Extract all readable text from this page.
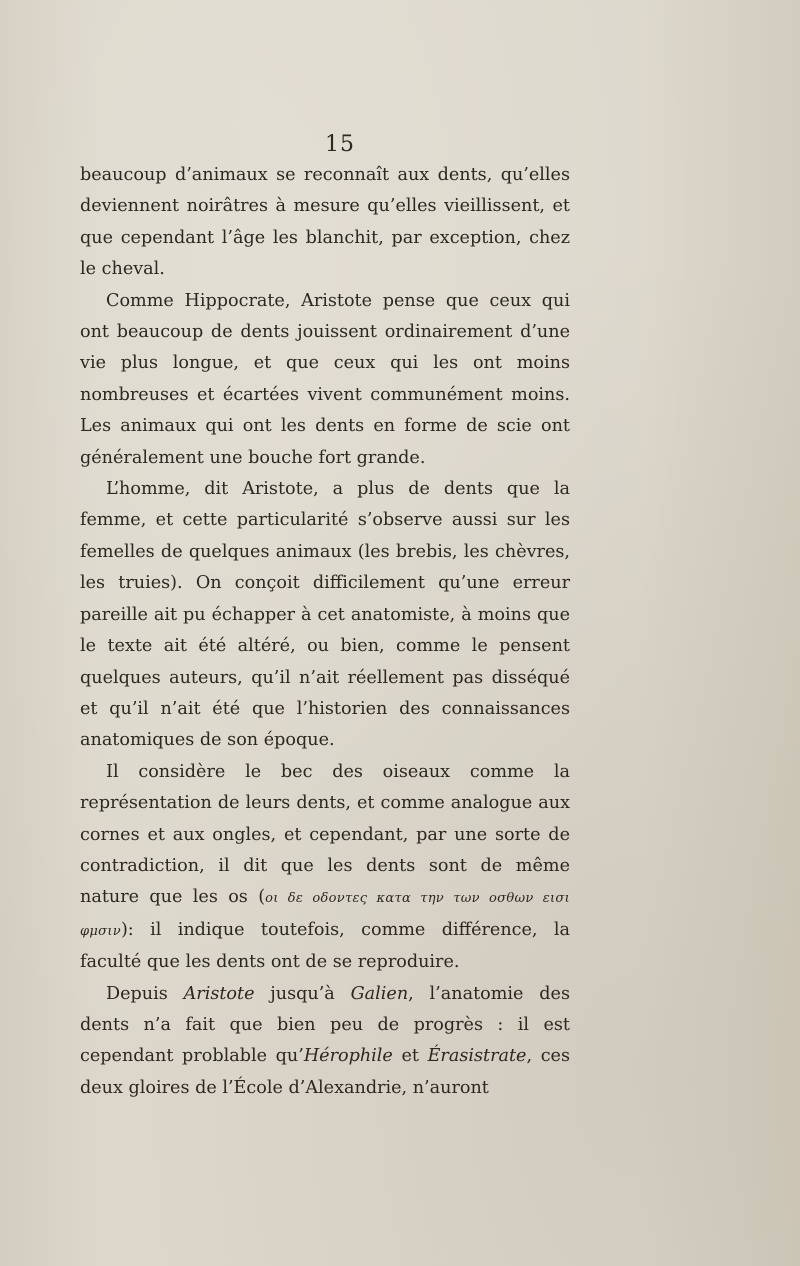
15

beaucoup d’animaux se reconnaît aux dents, qu’elles deviennent noirâtres à mesure qu’elles vieillissent, et que cependant l’âge les blanchit, par exception, chez le cheval.

Comme Hippocrate, Aristote pense que ceux qui ont beaucoup de dents jouissent ordinairement d’une vie plus longue, et que ceux qui les ont moins nombreuses et écartées vivent communément moins. Les animaux qui ont les dents en forme de scie ont généralement une bouche fort grande.

L’homme, dit Aristote, a plus de dents que la femme, et cette particularité s’observe aussi sur les femelles de quelques animaux (les brebis, les chèvres, les truies). On conçoit difficilement qu’une erreur pareille ait pu échapper à cet anatomiste, à moins que le texte ait été altéré, ou bien, comme le pensent quelques auteurs, qu’il n’ait réellement pas disséqué et qu’il n’ait été que l’historien des connaissances anatomiques de son époque.

Il considère le bec des oiseaux comme la représentation de leurs dents, et comme analogue aux cornes et aux ongles, et cependant, par une sorte de contradiction, il dit que les dents sont de même nature que les os (οι δε οδοντες κατα την των οσθων εισι φμσιν): il indique toutefois, comme différence, la faculté que les dents ont de se reproduire.

Depuis Aristote jusqu’à Galien, l’anatomie des dents n’a fait que bien peu de progrès : il est cependant problable qu’Hérophile et Érasistrate, ces deux gloires de l’École d’Alexandrie, n’auront
